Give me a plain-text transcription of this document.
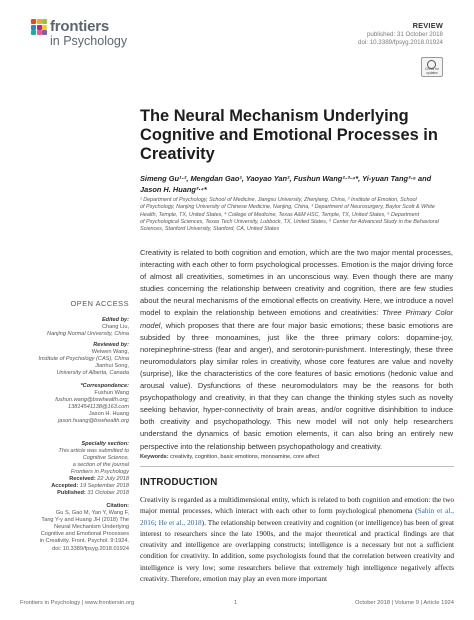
frontiers
in Psychology
REVIEW
published: 31 October 2018
doi: 10.3389/fpsyg.2018.01924
Check for updates
The Neural Mechanism Underlying Cognitive and Emotional Processes in Creativity
Simeng Gu¹·², Mengdan Gao¹, Yaoyao Yan², Fushun Wang²·³·⁴*, Yi-yuan Tang³·⁵ and
Jason H. Huang³·⁴*
¹ Department of Psychology, School of Medicine, Jiangsu University, Zhenjiang, China, ² Institute of Emotion, School
of Psychology, Nanjing University of Chinese Medicine, Nanjing, China, ³ Department of Neurosurgery, Baylor Scott & White
Health, Temple, TX, United States, ⁴ College of Medicine, Texas A&M HSC, Temple, TX, United States, ⁵ Department
of Psychological Sciences, Texas Tech University, Lubbock, TX, United States, ⁶ Center for Advanced Study in the Behavioral
Sciences, Stanford University, Stanford, CA, United States
Creativity is related to both cognition and emotion, which are the two major mental processes, interacting with each other to form psychological processes. Emotion is the major driving force of almost all creativities, sometimes in an unconscious way. Even though there are many studies concerning the relationship between creativity and cognition, there are few studies about the neural mechanisms of the emotional effects on creativity. Here, we introduce a novel model to explain the relationship between emotions and creativities: Three Primary Color model, which proposes that there are four major basic emotions; these basic emotions are subsided by three monoamines, just like the three primary colors: dopamine-joy, norepinephrine-stress (fear and anger), and serotonin-punishment. Interestingly, these three neuromodulators play similar roles in creativity, whose core features are value and novelty (surprise), like the characteristics of the core features of basic emotions (hedonic value and arousal value). Dysfunctions of these neuromodulators may be the reasons for both psychopathology and creativity, in that they can change the thinking styles such as novelty seeking behavior, hyper-connectivity of brain areas, and/or cognitive disinhibition to induce both creativity and psychopathology. This new model will not only help researchers understand the dynamics of basic emotion elements, it can also bring an entirely new perspective into the relationship between psychopathology and creativity.
Keywords: creativity, cognition, basic emotions, monoamine, core affect
INTRODUCTION
Creativity is regarded as a multidimensional entity, which is related to both cognition and emotion: the two major mental processes, which interact with each other to form psychological phenomena (Sahin et al., 2016; He et al., 2018). The relationship between creativity and cognition (or intelligence) has been of great interest to researchers since the late 1900s, and the major theoretical and practical findings are that creativity and intelligence are overlapping constructs; intelligence is a necessary but not a sufficient condition for creativity. In addition, some psychologists found that the correlation between creativity and intelligence is very low; some researchers believe that extremely high intelligence negatively affects creativity. Therefore, emotion may play an even more important
OPEN ACCESS
Edited by:
Chang Liu,
Nanjing Normal University, China
Reviewed by:
Weiwen Wang,
Institute of Psychology (CAS), China
Jianhui Song,
University of Alberta, Canada
*Correspondence:
Fushun Wang
fushun.wang@bswhealth.org;
13814541138@163.com
Jason H. Huang
jason.huang@bswhealth.org
Specialty section:
This article was submitted to
Cognitive Science,
a section of the journal
Frontiers in Psychology
Received: 22 July 2018
Accepted: 19 September 2018
Published: 31 October 2018
Citation:
Gu S, Gao M, Yan Y, Wang F,
Tang Y-y and Huang JH (2018) The
Neural Mechanism Underlying
Cognitive and Emotional Processes
in Creativity. Front. Psychol. 9:1924.
doi: 10.3389/fpsyg.2018.01924
Frontiers in Psychology | www.frontiersin.org	1	October 2018 | Volume 9 | Article 1924
